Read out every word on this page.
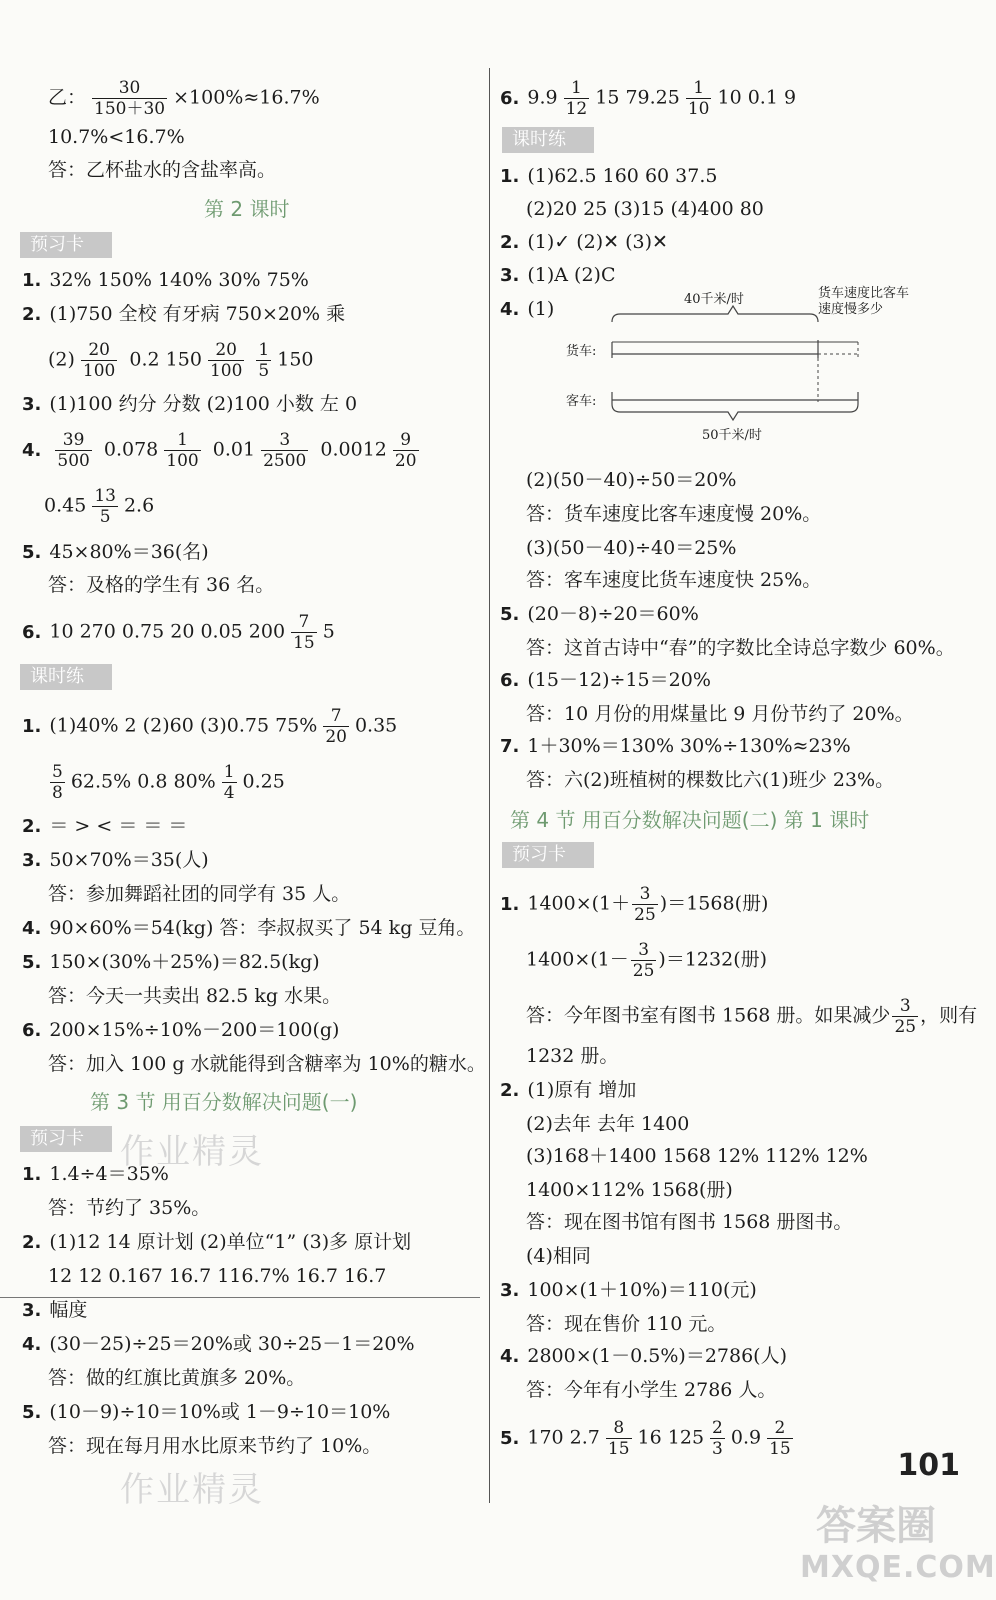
乙： $\frac{30}{150+30} \times 100\%\approx 16.7\%$
10.7%<16.7%
答：乙杯盐水的含盐率高。
第 2 课时
预习卡
1. 32% 150% 140% 30% 75%
2. (1)750 全校 有牙病 750×20% 乘
$(2) \frac{20}{100} 0.2$ $150 \frac{20}{100} \frac{1}{5} 150$
3. (1)100 约分 分数 (2)100 小数 左 0
4. $\frac{39}{500} 0.078 \frac{1}{100} 0.01 \frac{3}{2500} 0.0012 \frac{9}{20}$
$0.45 \frac{13}{5} 2.6$
5. 45×80%＝36(名)
答：及格的学生有 36 名。
6. 10 270 0.75 20 0.05 $200 \frac{7}{15} 5$
课时练
1. (1)40% 2 (2)60 (3)0.75 $75\% \frac{7}{20} 0.35$
$\frac{5}{8} 62.5\%$ 0.8 $80\% \frac{1}{4} 0.25$
2. ＝ > < ＝ ＝ ＝
3. 50×70%＝35(人)
答：参加舞蹈社团的同学有 35 人。
4. 90×60%＝54(kg) 答：李叔叔买了 54 kg 豆角。
5. 150×(30%＋25%)＝82.5(kg)
答：今天一共卖出 82.5 kg 水果。
6. 200×15%÷10%－200＝100(g)
答：加入 100 g 水就能得到含糖率为 10%的糖水。
第 3 节 用百分数解决问题(一)
预习卡	作业精灵
1. 1.4÷4＝35%
答：节约了 35%。
2. (1)12 14 原计划 (2)单位“1” (3)多 原计划
12 12 0.167 16.7 116.7% 16.7 16.7
3. 幅度
4. (30－25)÷25＝20%或 30÷25－1＝20%
答：做的红旗比黄旗多 20%。
5. (10－9)÷10＝10%或 1－9÷10＝10%
答：现在每月用水比原来节约了 10%。
作业精灵
6. $9.9 \frac{1}{12} 15$ $79.25 \frac{1}{10} 10$ 0.1 9
课时练
1. (1)62.5 160 60 37.5
(2)20 25 (3)15 (4)400 80
2. (1)✓ (2)✕ (3)✕
3. (1)A (2)C
4. (1)	40千米/时	货车速度比客车
速度慢多少
货车:
客车:
50千米/时
(2)(50－40)÷50＝20%
答：货车速度比客车速度慢 20%。
(3)(50－40)÷40＝25%
答：客车速度比货车速度快 25%。
5. (20－8)÷20＝60%
答：这首古诗中“春”的字数比全诗总字数少 60%。
6. (15－12)÷15＝20%
答：10 月份的用煤量比 9 月份节约了 20%。
7. 1＋30%＝130% 30%÷130%≈23%
答：六(2)班植树的棵数比六(1)班少 23%。
第 4 节 用百分数解决问题(二) 第 1 课时
预习卡
1. $1400\times(1+ \frac{3}{25} )=1568$(册)
$1400\times(1- \frac{3}{25} )=1232$(册)
答：今年图书室有图书 1568 册。如果减少 $\frac{3}{25}$ ，则有
1232 册。
2. (1)原有 增加
(2)去年 去年 1400
(3)168＋1400 1568 12% 112% 12%
1400×112% 1568(册)
答：现在图书馆有图书 1568 册图书。
(4)相同
3. 100×(1＋10%)＝110(元)
答：现在售价 110 元。
4. 2800×(1－0.5%)＝2786(人)
答：今年有小学生 2786 人。
5. 170 $2.7 \frac{8}{15} 16$ $125 \frac{2}{3} 0.9 \frac{2}{15}$
101
答案圈
MXQE.COM
